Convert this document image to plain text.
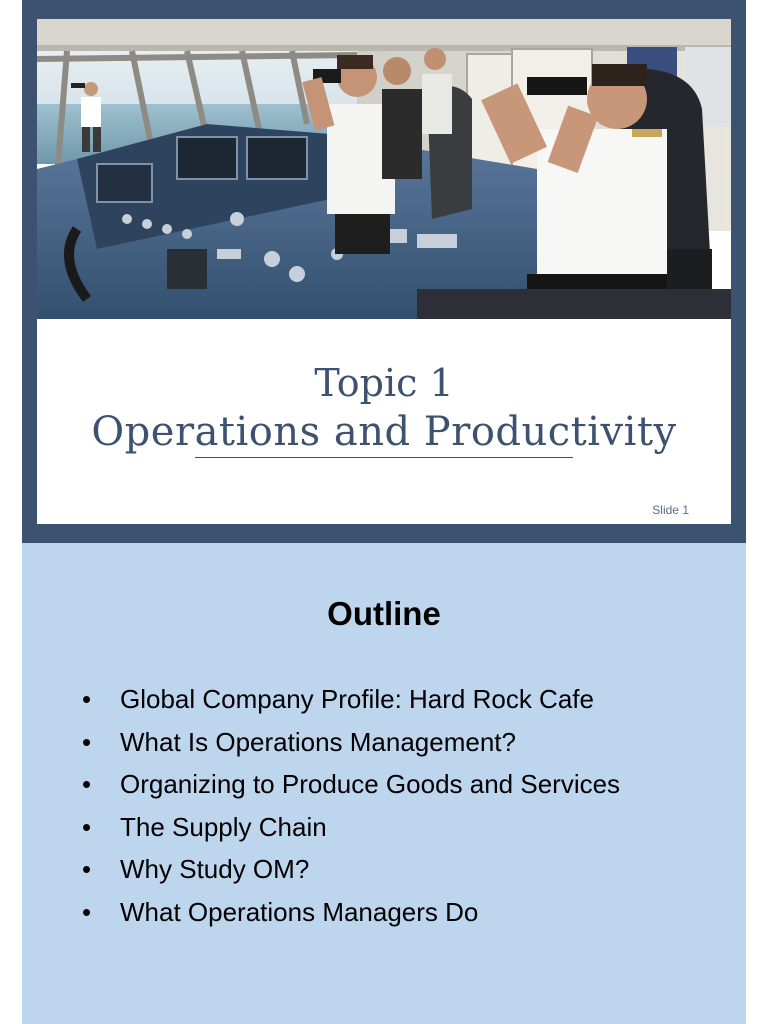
Topic 1
Operations and Productivity
Slide 1
Outline
• Global Company Profile: Hard Rock Cafe
• What Is Operations Management?
• Organizing to Produce Goods and Services
• The Supply Chain
• Why Study OM?
• What Operations Managers Do
